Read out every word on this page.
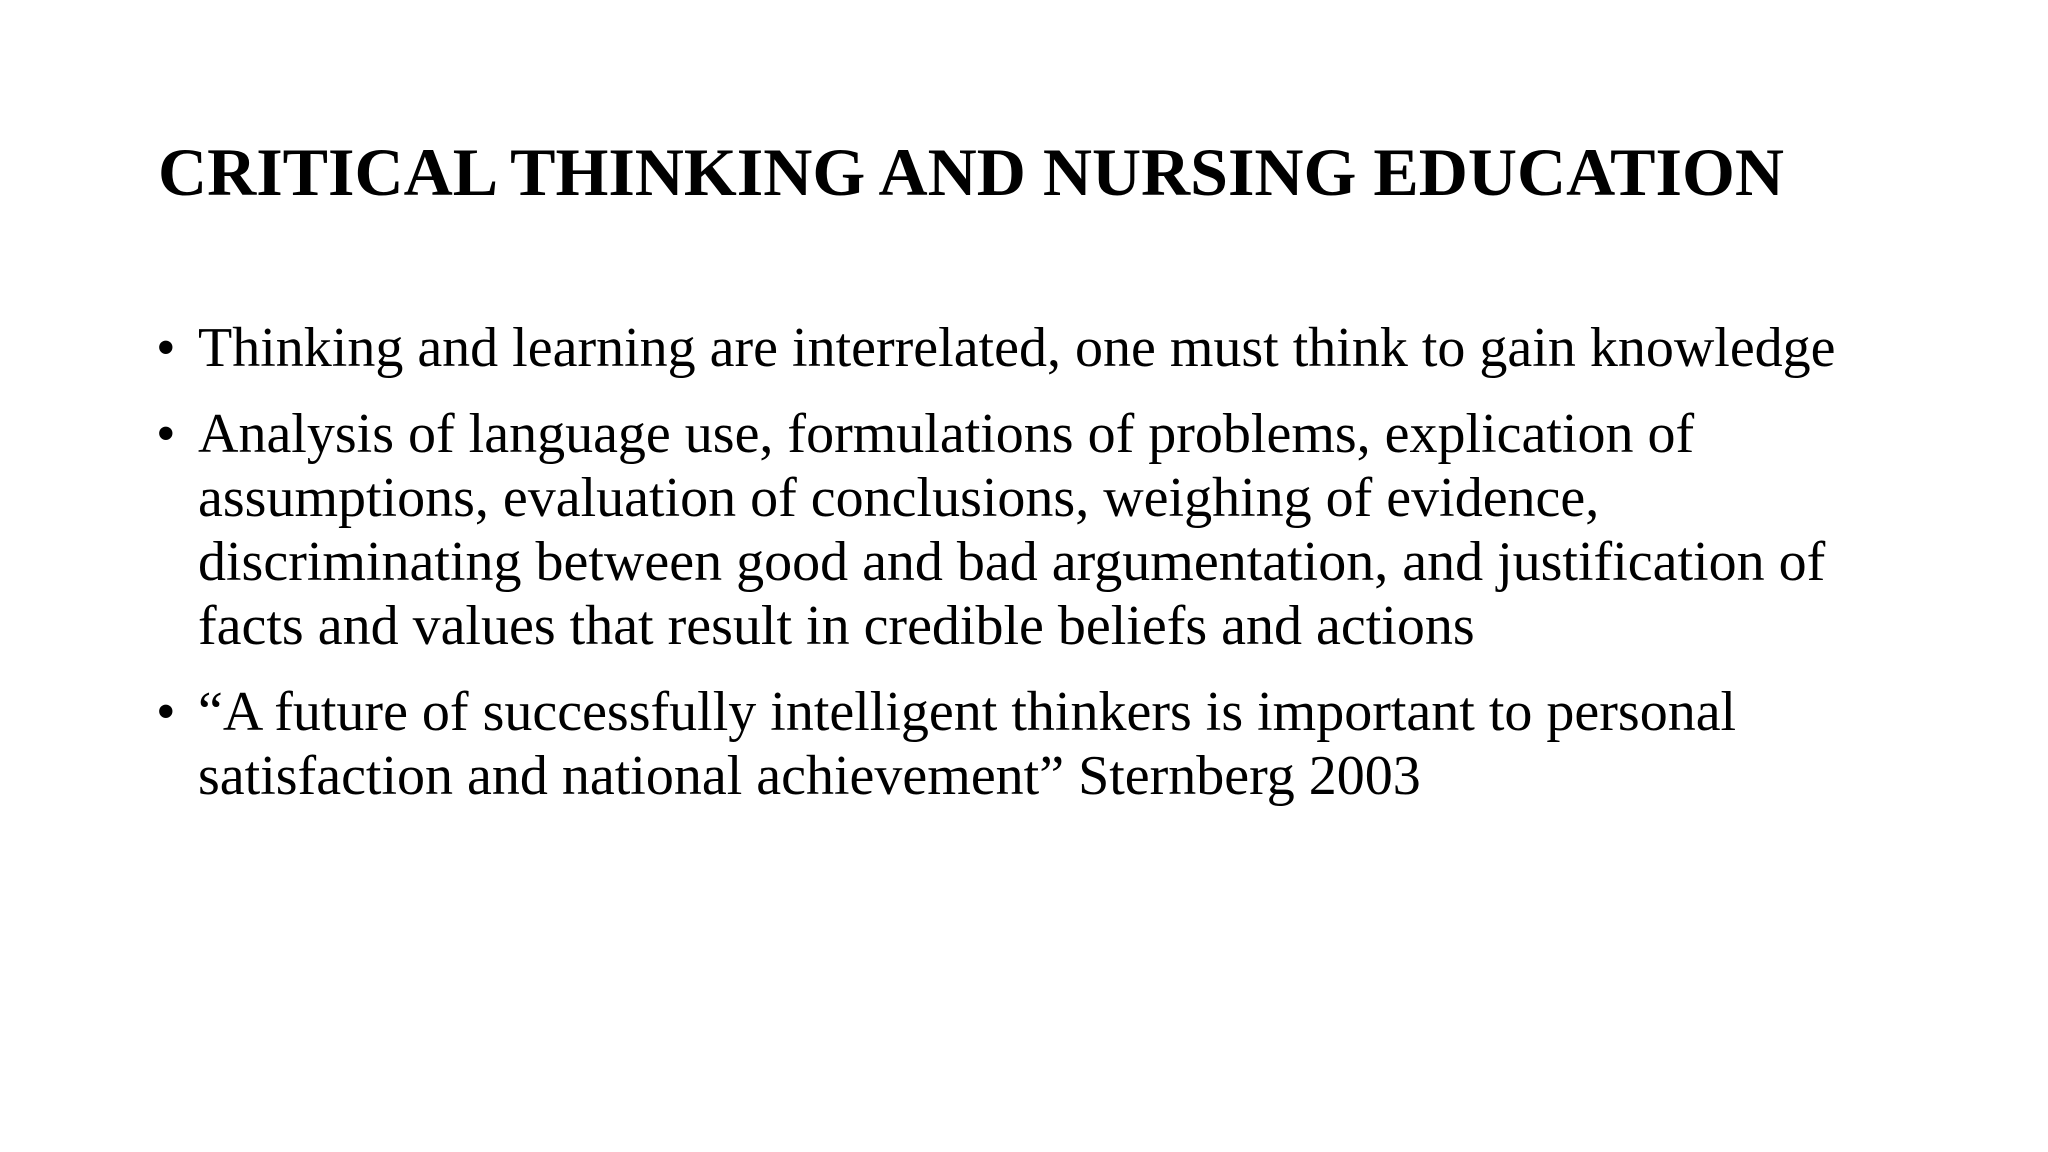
CRITICAL THINKING AND NURSING EDUCATION
• Thinking and learning are interrelated, one must think to gain knowledge
• Analysis of language use, formulations of problems, explication of assumptions, evaluation of conclusions, weighing of evidence, discriminating between good and bad argumentation, and justification of facts and values that result in credible beliefs and actions
• “A future of successfully intelligent thinkers is important to personal satisfaction and national achievement” Sternberg 2003
